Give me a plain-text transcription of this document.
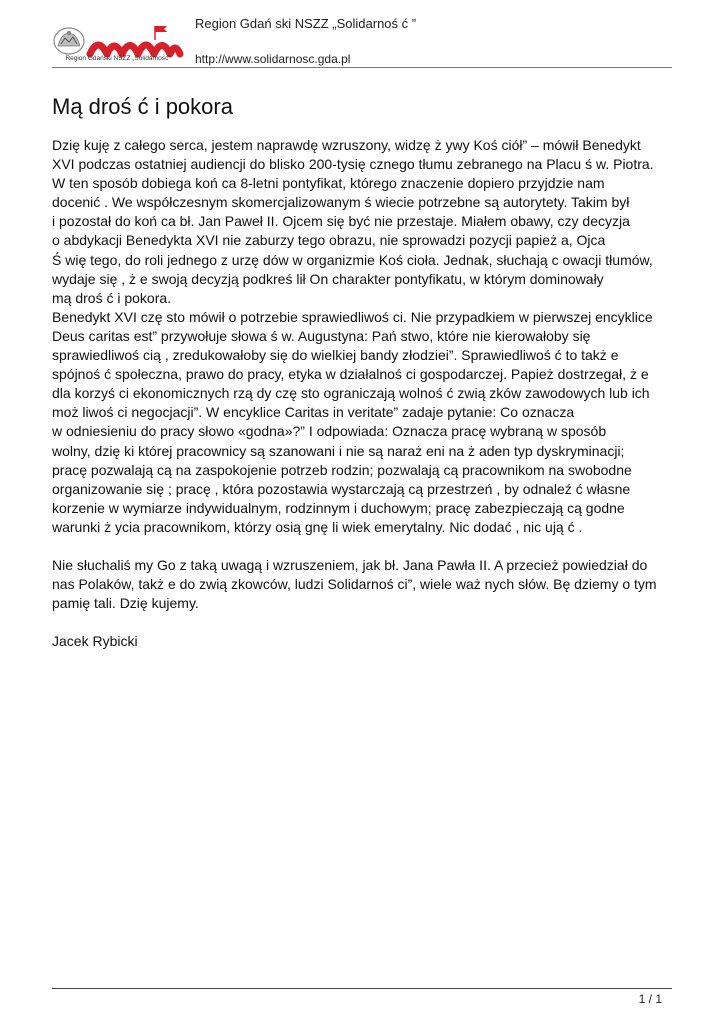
Region Gdański NSZZ „Solidarność”
Region Gdań ski NSZZ „Solidarnoś ć ”
http://www.solidarnosc.gda.pl
Mą droś ć i pokora
Dzię kuję z całego serca, jestem naprawdę wzruszony, widzę ż ywy Koś ciół” – mówił Benedykt
XVI podczas ostatniej audiencji do blisko 200-tysię cznego tłumu zebranego na Placu ś w. Piotra.
W ten sposób dobiega koń ca 8-letni pontyfikat, którego znaczenie dopiero przyjdzie nam
docenić . We współczesnym skomercjalizowanym ś wiecie potrzebne są autorytety. Takim był
i pozostał do koń ca bł. Jan Paweł II. Ojcem się być nie przestaje. Miałem obawy, czy decyzja
o abdykacji Benedykta XVI nie zaburzy tego obrazu, nie sprowadzi pozycji papież a, Ojca
Ś wię tego, do roli jednego z urzę dów w organizmie Koś cioła. Jednak, słuchają c owacji tłumów,
wydaje się , ż e swoją decyzją podkreś lił On charakter pontyfikatu, w którym dominowały
mą droś ć i pokora.
Benedykt XVI czę sto mówił o potrzebie sprawiedliwoś ci. Nie przypadkiem w pierwszej encyklice
Deus caritas est” przywołuje słowa ś w. Augustyna: Pań stwo, które nie kierowałoby się
sprawiedliwoś cią , zredukowałoby się do wielkiej bandy złodziei”. Sprawiedliwoś ć to takż e
spójnoś ć społeczna, prawo do pracy, etyka w działalnoś ci gospodarczej. Papież dostrzegał, ż e
dla korzyś ci ekonomicznych rzą dy czę sto ograniczają wolnoś ć zwią zków zawodowych lub ich
moż liwoś ci negocjacji”. W encyklice Caritas in veritate” zadaje pytanie: Co oznacza
w odniesieniu do pracy słowo «godna»?” I odpowiada: Oznacza pracę wybraną w sposób
wolny, dzię ki której pracownicy są szanowani i nie są naraż eni na ż aden typ dyskryminacji;
pracę pozwalają cą na zaspokojenie potrzeb rodzin; pozwalają cą pracownikom na swobodne
organizowanie się ; pracę , która pozostawia wystarczają cą przestrzeń , by odnaleź ć własne
korzenie w wymiarze indywidualnym, rodzinnym i duchowym; pracę zabezpieczają cą godne
warunki ż ycia pracownikom, którzy osią gnę li wiek emerytalny. Nic dodać , nic ują ć .
Nie słuchaliś my Go z taką uwagą i wzruszeniem, jak bł. Jana Pawła II. A przecież powiedział do
nas Polaków, takż e do zwią zkowców, ludzi Solidarnoś ci”, wiele waż nych słów. Bę dziemy o tym
pamię tali. Dzię kujemy.
Jacek Rybicki
1 / 1
